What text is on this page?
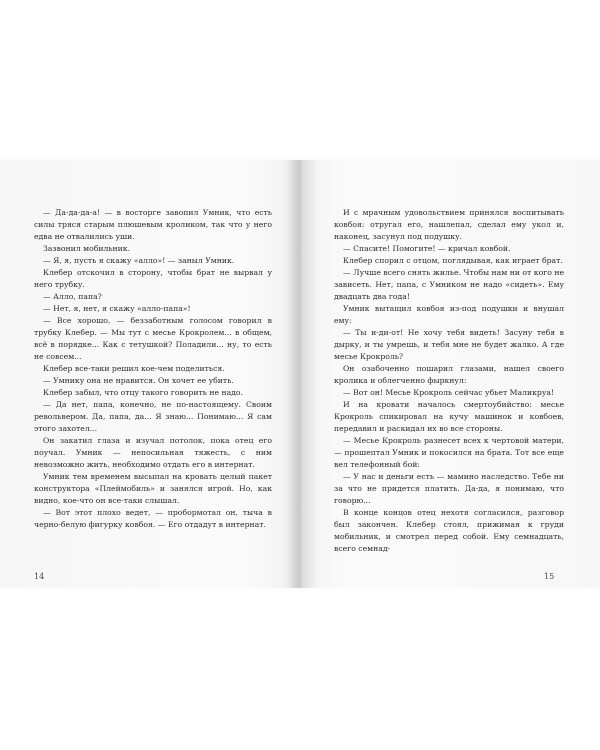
— Да-да-да-а! — в восторге завопил Умник, что есть силы тряся старым плюшевым кроликом, так что у него едва не отвалились уши.

Зазвонил мобильник.

— Я, я, пусть я скажу «алло»! — заныл Умник.

Клебер отскочил в сторону, чтобы брат не вырвал у него трубку.

— Алло, папа?

— Нет, я, нет, я скажу «алло-папа»!

— Все хорошо, — беззаботным голосом говорил в трубку Клебер. — Мы тут с месье Крокролем... в общем, всё в порядке... Как с тетушкой? Поладили... ну, то есть не совсем...

Клебер все-таки решил кое-чем поделиться.

— Умнику она не нравится. Он хочет ее убить.

Клебер забыл, что отцу такого говорить не надо.

— Да нет, папа, конечно, не по-настоящему. Своим револьвером. Да, папа, да... Я знаю... Понимаю... Я сам этого захотел...

Он закатил глаза и изучал потолок, пока отец его поучал. Умник — непосильная тяжесть, с ним невозможно жить, необходимо отдать его в интернат.

Умник тем временем высыпал на кровать целый пакет конструктора «Плеймобиль» и занялся игрой. Но, как видно, кое-что он все-таки слышал.

— Вот этот плохо ведет, — пробормотал он, тыча в черно-белую фигурку ковбоя. — Его отдадут в интернат.

И с мрачным удовольствием принялся воспитывать ковбоя: отругал его, нашлепал, сделал ему укол и, наконец, засунул под подушку.

— Спасите! Помогите! — кричал ковбой.

Клебер спорил с отцом, поглядывая, как играет брат.

— Лучше всего снять жилье. Чтобы нам ни от кого не зависеть. Нет, папа, с Умником не надо «сидеть». Ему двадцать два года!

Умник вытащил ковбоя из-под подушки и внушал ему:

— Ты и-ди-от! Не хочу тебя видеть! Засуну тебя в дырку, и ты умрешь, и тебя мне не будет жалко. А где месье Крокроль?

Он озабоченно пошарил глазами, нашел своего кролика и облегченно фыркнул:

— Вот он! Месье Крокроль сейчас убьет Маликруа!

И на кровати началось смертоубийство: месье Крокроль спикировал на кучу машинок и ковбоев, передавил и раскидал их во все стороны.

— Месье Крокроль разнесет всех к чертовой матери, — прошептал Умник и покосился на брата. Тот все еще вел телефонный бой:

— У нас и деньги есть — мамино наследство. Тебе ни за что не придется платить. Да-да, я понимаю, что говорю...

В конце концов отец нехотя согласился, разговор был закончен. Клебер стоял, прижимая к груди мобильник, и смотрел перед собой. Ему семнадцать, всего семнад-

14	15
